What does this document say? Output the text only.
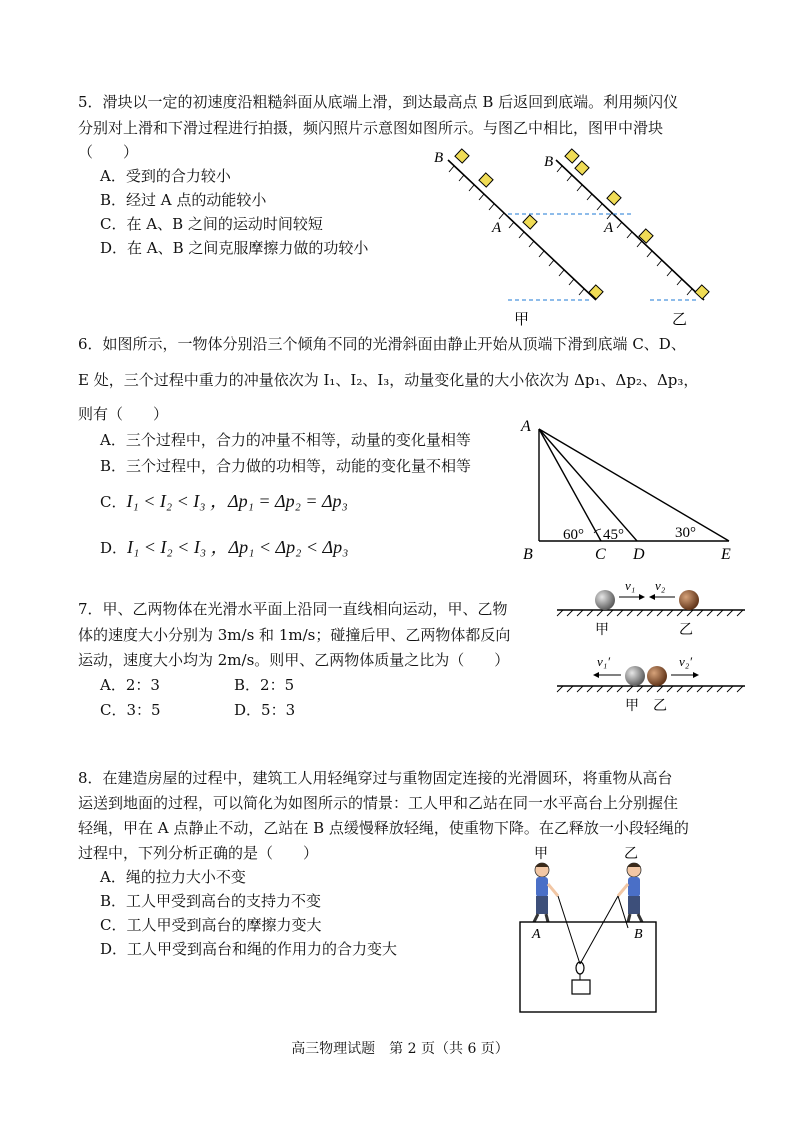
5．滑块以一定的初速度沿粗糙斜面从底端上滑，到达最高点 B 后返回到底端。利用频闪仪
分别对上滑和下滑过程进行拍摄，频闪照片示意图如图所示。与图乙中相比，图甲中滑块
（　　）
A．受到的合力较小
B．经过 A 点的动能较小
C．在 A、B 之间的运动时间较短
D．在 A、B 之间克服摩擦力做的功较小
B	B
A	A
甲	乙
6．如图所示，一物体分别沿三个倾角不同的光滑斜面由静止开始从顶端下滑到底端 C、D、
E 处，三个过程中重力的冲量依次为 I₁、I₂、I₃，动量变化量的大小依次为 Δp₁、Δp₂、Δp₃，
则有（　　）
A．三个过程中，合力的冲量不相等，动量的变化量相等
B．三个过程中，合力做的功相等，动能的变化量不相等
C．I₁ < I₂ < I₃ ，Δp₁ = Δp₂ = Δp₃
D．I₁ < I₂ < I₃ ，Δp₁ < Δp₂ < Δp₃
A
B	C D	E
60° 45°	30°
7．甲、乙两物体在光滑水平面上沿同一直线相向运动，甲、乙物
体的速度大小分别为 3m/s 和 1m/s；碰撞后甲、乙两物体都反向
运动，速度大小均为 2m/s。则甲、乙两物体质量之比为（　　）
A．2：3	B．2：5
C．3：5	D．5：3
v₁ v₂
甲	乙
v₁′	v₂′
甲 乙
8．在建造房屋的过程中，建筑工人用轻绳穿过与重物固定连接的光滑圆环，将重物从高台
运送到地面的过程，可以简化为如图所示的情景：工人甲和乙站在同一水平高台上分别握住
轻绳，甲在 A 点静止不动，乙站在 B 点缓慢释放轻绳，使重物下降。在乙释放一小段轻绳的
过程中，下列分析正确的是（　　）
A．绳的拉力大小不变
B．工人甲受到高台的支持力不变
C．工人甲受到高台的摩擦力变大
D．工人甲受到高台和绳的作用力的合力变大
甲	乙
A	B
高三物理试题　第 2 页（共 6 页）
